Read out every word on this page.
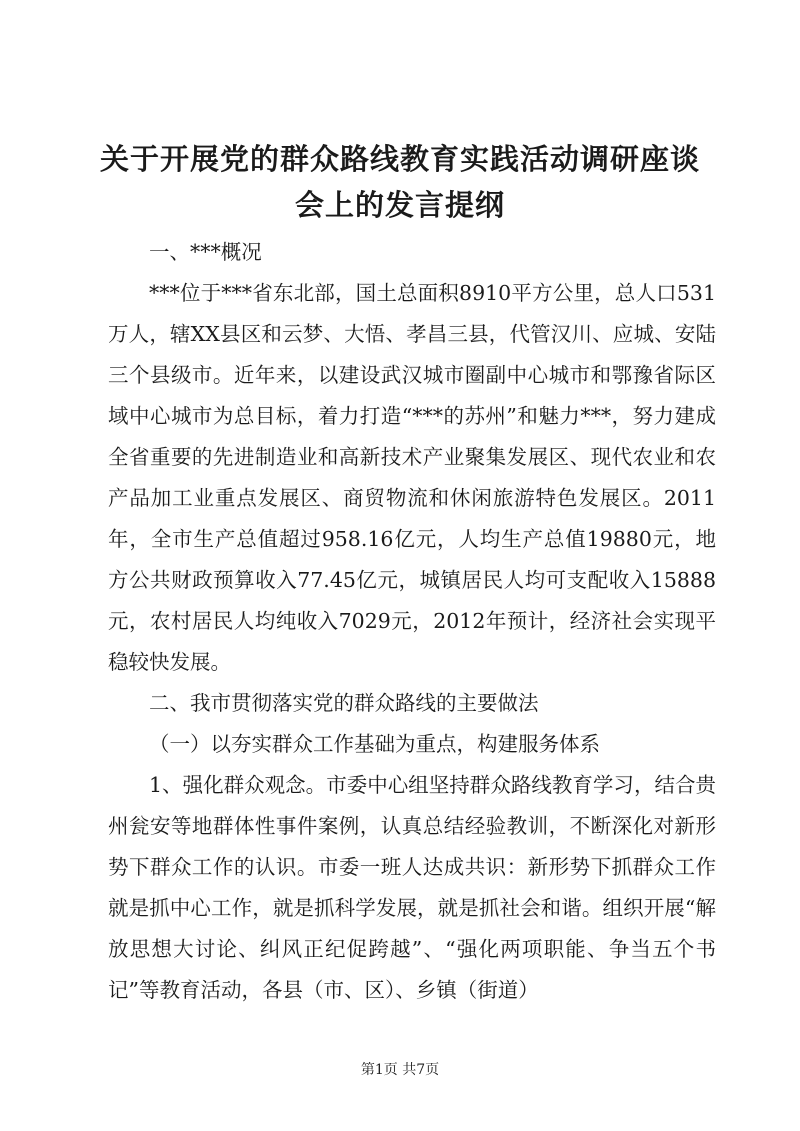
关于开展党的群众路线教育实践活动调研座谈
会上的发言提纲

一、***概况

***位于***省东北部，国土总面积8910平方公里，总人口531万人，辖XX县区和云梦、大悟、孝昌三县，代管汉川、应城、安陆三个县级市。近年来，以建设武汉城市圈副中心城市和鄂豫省际区域中心城市为总目标，着力打造“***的苏州”和魅力***，努力建成全省重要的先进制造业和高新技术产业聚集发展区、现代农业和农产品加工业重点发展区、商贸物流和休闲旅游特色发展区。2011年，全市生产总值超过958.16亿元，人均生产总值19880元，地方公共财政预算收入77.45亿元，城镇居民人均可支配收入15888元，农村居民人均纯收入7029元，2012年预计，经济社会实现平稳较快发展。

二、我市贯彻落实党的群众路线的主要做法

（一）以夯实群众工作基础为重点，构建服务体系

1、强化群众观念。市委中心组坚持群众路线教育学习，结合贵州瓮安等地群体性事件案例，认真总结经验教训，不断深化对新形势下群众工作的认识。市委一班人达成共识：新形势下抓群众工作就是抓中心工作，就是抓科学发展，就是抓社会和谐。组织开展“解放思想大讨论、纠风正纪促跨越”、“强化两项职能、争当五个书记”等教育活动，各县（市、区）、乡镇（街道）

第1页 共7页
